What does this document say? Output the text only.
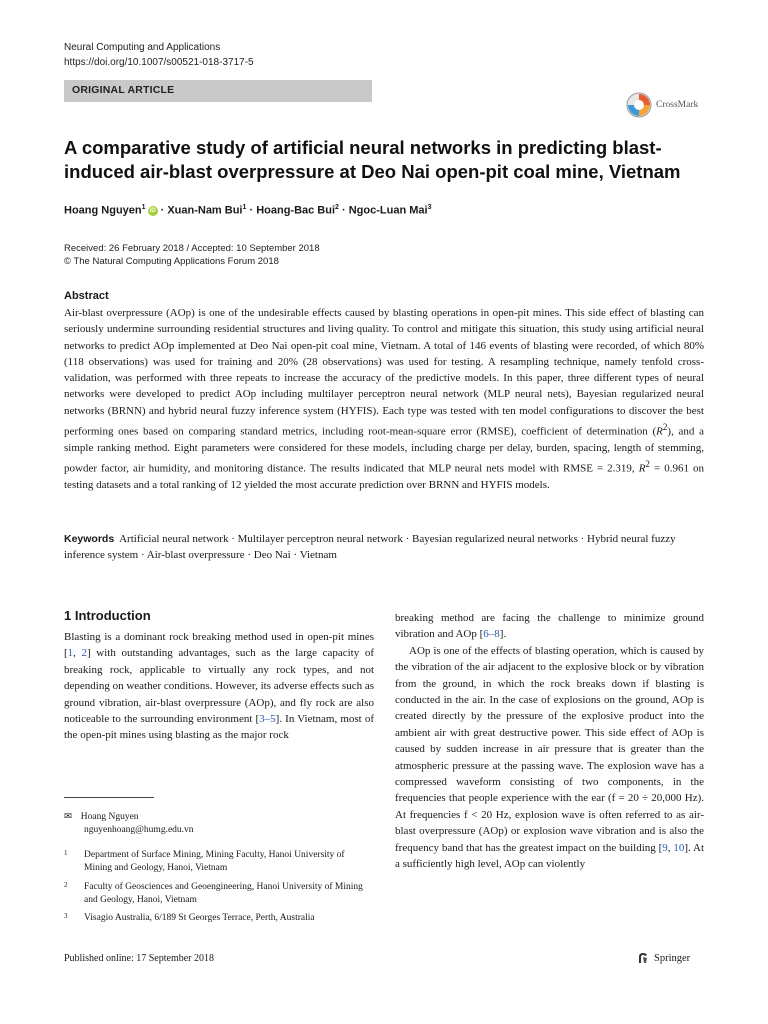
Neural Computing and Applications
https://doi.org/10.1007/s00521-018-3717-5
ORIGINAL ARTICLE
CrossMark
A comparative study of artificial neural networks in predicting blast-induced air-blast overpressure at Deo Nai open-pit coal mine, Vietnam
Hoang Nguyen$^1$ iD · Xuan-Nam Bui$^1$ · Hoang-Bac Bui$^2$ · Ngoc-Luan Mai$^3$
Received: 26 February 2018 / Accepted: 10 September 2018
© The Natural Computing Applications Forum 2018
Abstract
Air-blast overpressure (AOp) is one of the undesirable effects caused by blasting operations in open-pit mines. This side effect of blasting can seriously undermine surrounding residential structures and living quality. To control and mitigate this situation, this study using artificial neural networks to predict AOp implemented at Deo Nai open-pit coal mine, Vietnam. A total of 146 events of blasting were recorded, of which 80% (118 observations) was used for training and 20% (28 observations) was used for testing. A resampling technique, namely tenfold cross-validation, was performed with three repeats to increase the accuracy of the predictive models. In this paper, three different types of neural networks were developed to predict AOp including multilayer perceptron neural network (MLP neural nets), Bayesian regularized neural networks (BRNN) and hybrid neural fuzzy inference system (HYFIS). Each type was tested with ten model configurations to discover the best performing ones based on comparing standard metrics, including root-mean-square error (RMSE), coefficient of determination $(R^2)$, and a simple ranking method. Eight parameters were considered for these models, including charge per delay, burden, spacing, length of stemming, powder factor, air humidity, and monitoring distance. The results indicated that MLP neural nets model with RMSE = 2.319, $R^2 = 0.961$ on testing datasets and a total ranking of 12 yielded the most accurate prediction over BRNN and HYFIS models.
Keywords Artificial neural network · Multilayer perceptron neural network · Bayesian regularized neural networks · Hybrid neural fuzzy inference system · Air-blast overpressure · Deo Nai · Vietnam
1 Introduction

Blasting is a dominant rock breaking method used in open-pit mines [1, 2] with outstanding advantages, such as the large capacity of breaking rock, applicable to virtually any rock types, and not depending on weather conditions. However, its adverse effects such as ground vibration, air-blast overpressure (AOp), and fly rock are also noticeable to the surrounding environment [3–5]. In Vietnam, most of the open-pit mines using blasting as the major rock

breaking method are facing the challenge to minimize ground vibration and AOp [6–8].

AOp is one of the effects of blasting operation, which is caused by the vibration of the air adjacent to the explosive block or by vibration from the ground, in which the rock breaks down if blasting is conducted in the air. In the case of explosions on the ground, AOp is created directly by the pressure of the explosive product into the ambient air with great destructive power. This side effect of AOp is caused by sudden increase in air pressure that is greater than the atmospheric pressure at the passing wave. The explosion wave has a compressed waveform consisting of two components, in the frequencies that people experience with the ear (f = 20 ÷ 20,000 Hz). At frequencies f < 20 Hz, explosion wave is often referred to as air-blast overpressure (AOp) or explosion wave vibration and is also the frequency band that has the greatest impact on the building [9, 10]. At a sufficiently high level, AOp can violently

✉ Hoang Nguyen
nguyenhoang@humg.edu.vn
1 Department of Surface Mining, Mining Faculty, Hanoi University of Mining and Geology, Hanoi, Vietnam
2 Faculty of Geosciences and Geoengineering, Hanoi University of Mining and Geology, Hanoi, Vietnam
3 Visagio Australia, 6/189 St Georges Terrace, Perth, Australia
Published online: 17 September 2018	Springer
